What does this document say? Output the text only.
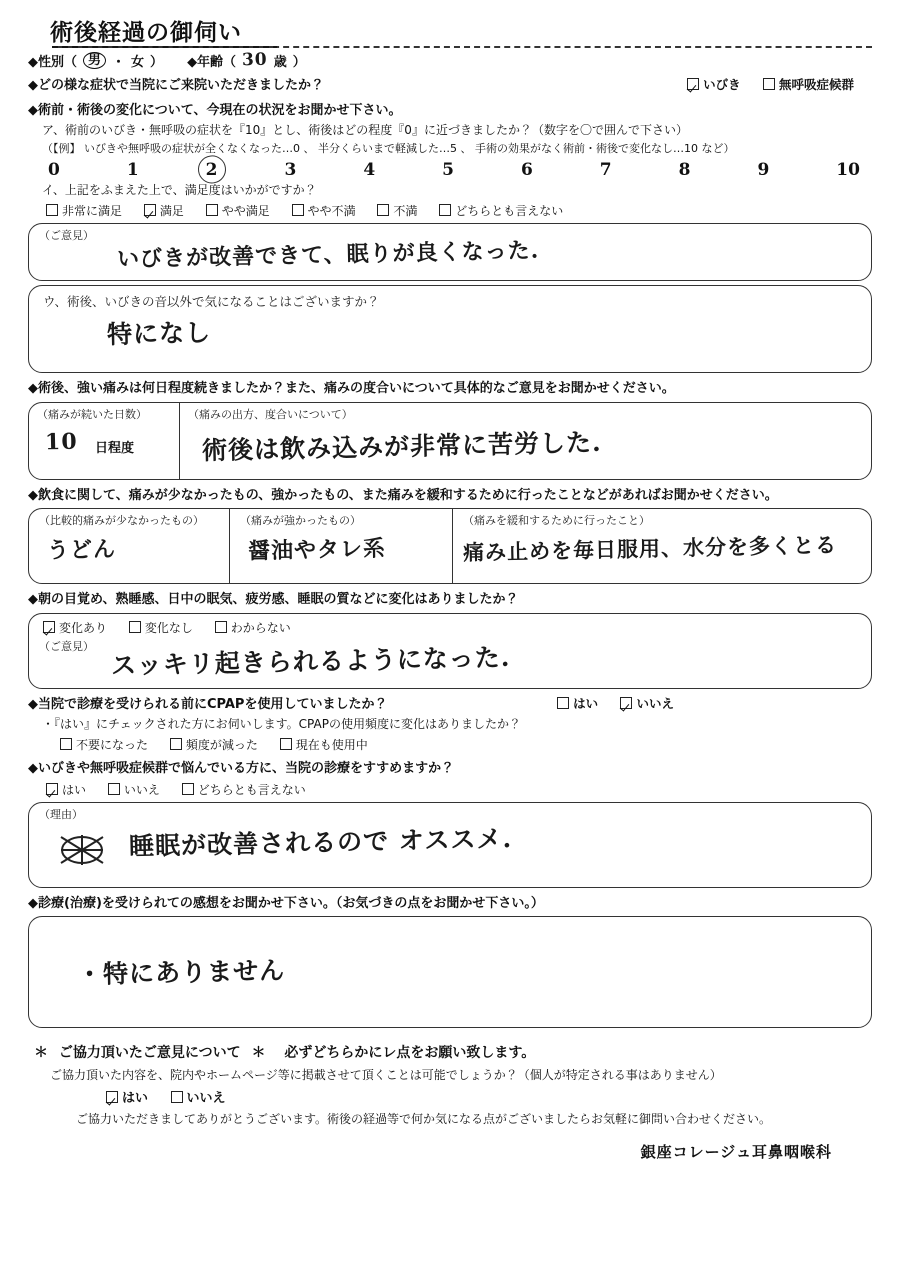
術後経過の御伺い
◆性別（ 男 ・ 女 ） ◆年齢（ 30 歳 ）
◆どの様な症状で当院にご来院いただきましたか？	いびき	無呼吸症候群
◆術前・術後の変化について、今現在の状況をお聞かせ下さい。
ア、術前のいびき・無呼吸の症状を『10』とし、術後はどの程度『0』に近づきましたか？（数字を〇で囲んで下さい）
（【例】 いびきや無呼吸の症状が全くなくなった…0 、 半分くらいまで軽減した…5 、 手術の効果がなく術前・術後で変化なし…10 など）
0	1	2	3	4	5	6	7	8	9	10
イ、上記をふまえた上で、満足度はいかがですか？
非常に満足	満足	やや満足	やや不満	不満	どちらとも言えない
（ご意見）
いびきが改善できて、眠りが良くなった.
ウ、術後、いびきの音以外で気になることはございますか？
特になし
◆術後、強い痛みは何日程度続きましたか？また、痛みの度合いについて具体的なご意見をお聞かせください。
（痛みが続いた日数）
10 日程度
（痛みの出方、度合いについて）
術後は飲み込みが非常に苦労した.
◆飲食に関して、痛みが少なかったもの、強かったもの、また痛みを緩和するために行ったことなどがあればお聞かせください。
（比較的痛みが少なかったもの）
うどん
（痛みが強かったもの）
醤油やタレ系
（痛みを緩和するために行ったこと）
痛み止めを毎日服用、水分を多くとる
◆朝の目覚め、熟睡感、日中の眠気、疲労感、睡眠の質などに変化はありましたか？
変化あり	変化なし	わからない
（ご意見） スッキリ起きられるようになった.
◆当院で診療を受けられる前にCPAPを使用していましたか？	はい	いいえ
・『はい』にチェックされた方にお伺いします。CPAPの使用頻度に変化はありましたか？
不要になった	頻度が減った	現在も使用中
◆いびきや無呼吸症候群で悩んでいる方に、当院の診療をすすめますか？
はい	いいえ	どちらとも言えない
（理由）
睡眠が改善されるので オススメ.
◆診療(治療)を受けられての感想をお聞かせ下さい。（お気づきの点をお聞かせ下さい。）
・特にありません
＊ ご協力頂いたご意見について ＊ 必ずどちらかにレ点をお願い致します。
ご協力頂いた内容を、院内やホームページ等に掲載させて頂くことは可能でしょうか？（個人が特定される事はありません）
はい	いいえ
ご協力いただきましてありがとうございます。術後の経過等で何か気になる点がございましたらお気軽に御問い合わせください。
銀座コレージュ耳鼻咽喉科
